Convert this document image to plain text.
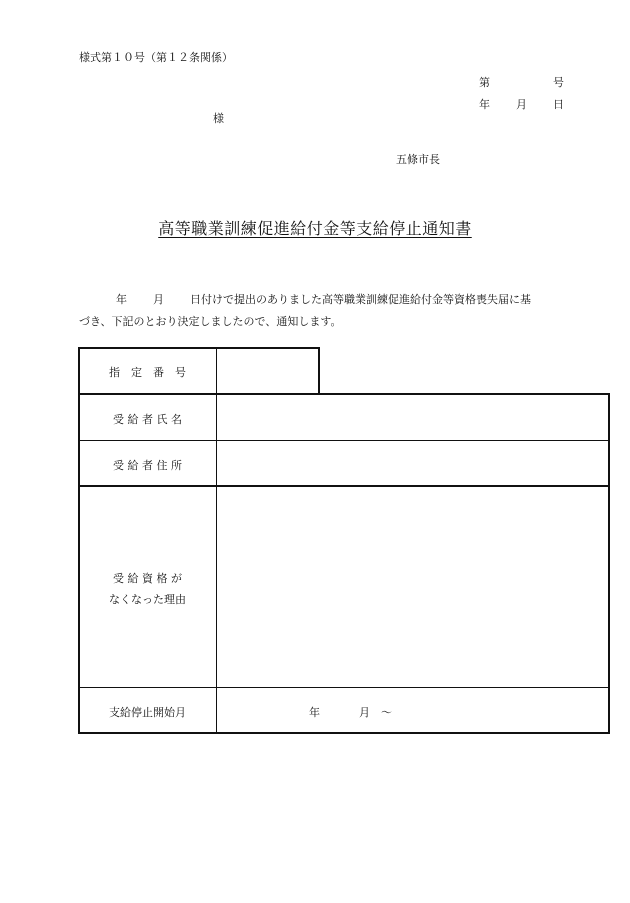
様式第１０号（第１２条関係）
第	号
年 月 日
様
五條市長
高等職業訓練促進給付金等支給停止通知書
年 月 日付けで提出のありました高等職業訓練促進給付金等資格喪失届に基
づき、下記のとおり決定しましたので、通知します。
指　定　番　号
受 給 者 氏 名
受 給 者 住 所
受 給 資 格 が
なくなった理由
支給停止開始月	年	月 ～
